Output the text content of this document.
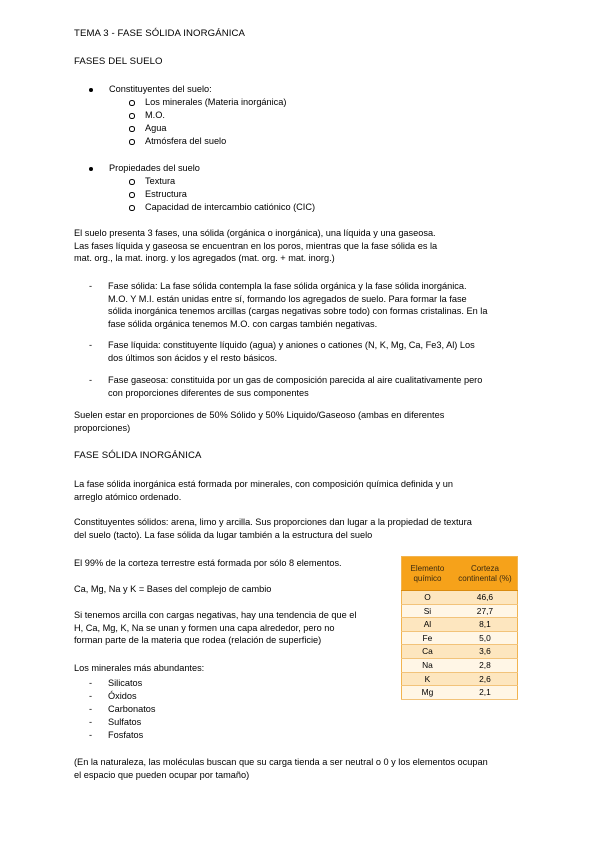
TEMA 3 - FASE SÓLIDA INORGÁNICA
FASES DEL SUELO
Constituyentes del suelo:
Los minerales (Materia inorgánica)
M.O.
Agua
Atmósfera del suelo
Propiedades del suelo
Textura
Estructura
Capacidad de intercambio catiónico (CIC)
El suelo presenta 3 fases, una sólida (orgánica o inorgánica), una líquida y una gaseosa.
Las fases líquida y gaseosa se encuentran en los poros, mientras que la fase sólida es la
mat. org., la mat. inorg. y los agregados (mat. org. + mat. inorg.)
- Fase sólida: La fase sólida contempla la fase sólida orgánica y la fase sólida inorgánica.
M.O. Y M.I. están unidas entre sí, formando los agregados de suelo. Para formar la fase
sólida inorgánica tenemos arcillas (cargas negativas sobre todo) con formas cristalinas. En la
fase sólida orgánica tenemos M.O. con cargas también negativas.
- Fase líquida: constituyente líquido (agua) y aniones o cationes (N, K, Mg, Ca, Fe3, Al) Los
dos últimos son ácidos y el resto básicos.
- Fase gaseosa: constituida por un gas de composición parecida al aire cualitativamente pero
con proporciones diferentes de sus componentes
Suelen estar en proporciones de 50% Sólido y 50% Liquido/Gaseoso (ambas en diferentes
proporciones)
FASE SÓLIDA INORGÁNICA
La fase sólida inorgánica está formada por minerales, con composición química definida y un
arreglo atómico ordenado.
Constituyentes sólidos: arena, limo y arcilla. Sus proporciones dan lugar a la propiedad de textura
del suelo (tacto). La fase sólida da lugar también a la estructura del suelo
El 99% de la corteza terrestre está formada por sólo 8 elementos.
Ca, Mg, Na y K = Bases del complejo de cambio
Si tenemos arcilla con cargas negativas, hay una tendencia de que el
H, Ca, Mg, K, Na se unan y formen una capa alrededor, pero no
forman parte de la materia que rodea (relación de superficie)
Los minerales más abundantes:
- Silicatos
- Óxidos
- Carbonatos
- Sulfatos
- Fosfatos
(En la naturaleza, las moléculas buscan que su carga tienda a ser neutral o 0 y los elementos ocupan
el espacio que pueden ocupar por tamaño)
Elemento químico	Corteza continental (%)
O	46,6
Si	27,7
Al	8,1
Fe	5,0
Ca	3,6
Na	2,8
K	2,6
Mg	2,1
